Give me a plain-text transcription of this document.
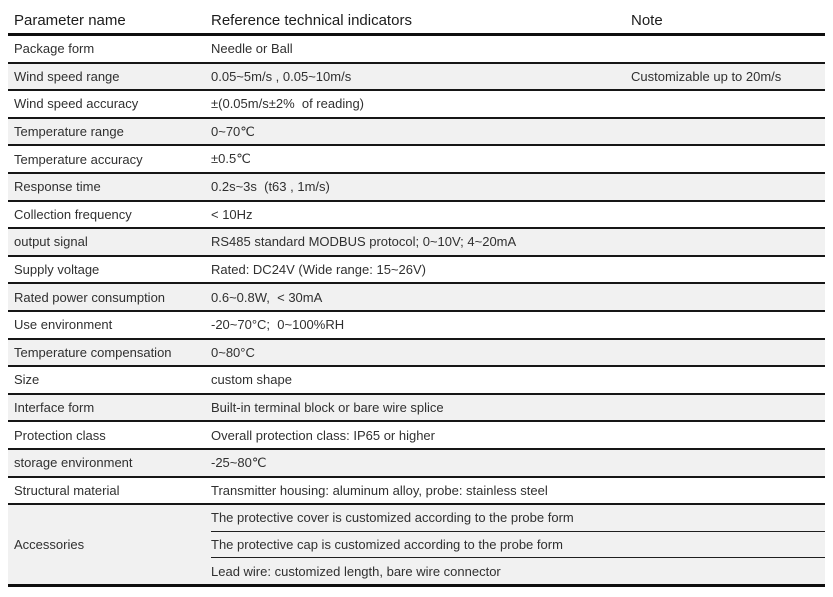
Parameter name	Reference technical indicators	Note
Package form	Needle or Ball	
Wind speed range	0.05~5m/s , 0.05~10m/s	Customizable up to 20m/s
Wind speed accuracy	±(0.05m/s±2%  of reading)	
Temperature range	0~70℃	
Temperature accuracy	±0.5℃	
Response time	0.2s~3s  (t63 , 1m/s)	
Collection frequency	< 10Hz	
output signal	RS485 standard MODBUS protocol; 0~10V; 4~20mA	
Supply voltage	Rated: DC24V (Wide range: 15~26V)	
Rated power consumption	0.6~0.8W,  < 30mA	
Use environment	-20~70°C;  0~100%RH	
Temperature compensation	0~80°C	
Size	custom shape	
Interface form	Built-in terminal block or bare wire splice	
Protection class	Overall protection class: IP65 or higher	
storage environment	-25~80℃	
Structural material	Transmitter housing: aluminum alloy, probe: stainless steel	
Accessories	The protective cover is customized according to the probe form	
	The protective cap is customized according to the probe form	
	Lead wire: customized length, bare wire connector	
